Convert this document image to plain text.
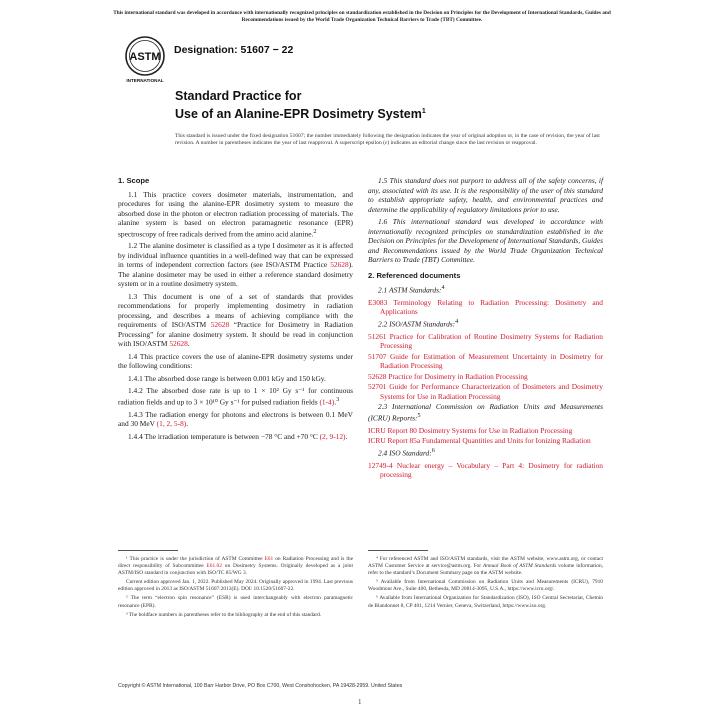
This international standard was developed in accordance with internationally recognized principles on standardization established in the Decision on Principles for the Development of International Standards, Guides and Recommendations issued by the World Trade Organization Technical Barriers to Trade (TBT) Committee.
ASTM
INTERNATIONAL
Designation: 51607 − 22
Standard Practice for
Use of an Alanine-EPR Dosimetry System$^1$
This standard is issued under the fixed designation 51607; the number immediately following the designation indicates the year of original adoption or, in the case of revision, the year of last revision. A number in parentheses indicates the year of last reapproval. A superscript epsilon (ε) indicates an editorial change since the last revision or reapproval.
1. Scope

1.1 This practice covers dosimeter materials, instrumentation, and procedures for using the alanine-EPR dosimetry system to measure the absorbed dose in the photon or electron radiation processing of materials. The alanine system is based on electron paramagnetic resonance (EPR) spectroscopy of free radicals derived from the amino acid alanine.$^2$

1.2 The alanine dosimeter is classified as a type I dosimeter as it is affected by individual influence quantities in a well-defined way that can be expressed in terms of independent correction factors (see ISO/ASTM Practice 52628). The alanine dosimeter may be used in either a reference standard dosimetry system or in a routine dosimetry system.

1.3 This document is one of a set of standards that provides recommendations for properly implementing dosimetry in radiation processing, and describes a means of achieving compliance with the requirements of ISO/ASTM 52628 “Practice for Dosimetry in Radiation Processing” for alanine dosimetry system. It should be read in conjunction with ISO/ASTM 52628.

1.4 This practice covers the use of alanine-EPR dosimetry systems under the following conditions:

1.4.1 The absorbed dose range is between 0.001 kGy and 150 kGy.

1.4.2 The absorbed dose rate is up to 1 × 10² Gy s⁻¹ for continuous radiation fields and up to 3 × 10¹⁰ Gy s⁻¹ for pulsed radiation fields (1-4).$^3$

1.4.3 The radiation energy for photons and electrons is between 0.1 MeV and 30 MeV (1, 2, 5-8).

1.4.4 The irradiation temperature is between −78 °C and +70 °C (2, 9-12).

1.5 This standard does not purport to address all of the safety concerns, if any, associated with its use. It is the responsibility of the user of this standard to establish appropriate safety, health, and environmental practices and determine the applicability of regulatory limitations prior to use.

1.6 This international standard was developed in accordance with internationally recognized principles on standardization established in the Decision on Principles for the Development of International Standards, Guides and Recommendations issued by the World Trade Organization Technical Barriers to Trade (TBT) Committee.

2. Referenced documents

2.1 ASTM Standards:$^4$

E3083 Terminology Relating to Radiation Processing: Dosimetry and Applications

2.2 ISO/ASTM Standards:$^4$

51261 Practice for Calibration of Routine Dosimetry Systems for Radiation Processing

51707 Guide for Estimation of Measurement Uncertainty in Dosimetry for Radiation Processing

52628 Practice for Dosimetry in Radiation Processing

52701 Guide for Performance Characterization of Dosimeters and Dosimetry Systems for Use in Radiation Processing

2.3 International Commission on Radiation Units and Measurements (ICRU) Reports:$^5$

ICRU Report 80 Dosimetry Systems for Use in Radiation Processing

ICRU Report 85a Fundamental Quantities and Units for Ionizing Radiation

2.4 ISO Standard:$^6$

12749-4 Nuclear energy – Vocabulary – Part 4: Dosimetry for radiation processing

¹ This practice is under the jurisdiction of ASTM Committee E61 on Radiation Processing and is the direct responsibility of Subcommittee E61.02 on Dosimetry Systems. Originally developed as a joint ASTM/ISO standard in conjunction with ISO/TC 85/WG 3.

Current edition approved Jan. 1, 2022. Published May 2024. Originally approved in 1994. Last previous edition approved in 2013 as ISO/ASTM 51607:2013(E). DOI: 10.1520/51607-22.

² The term “electron spin resonance” (ESR) is used interchangeably with electron paramagnetic resonance (EPR).

³ The boldface numbers in parentheses refer to the bibliography at the end of this standard.

⁴ For referenced ASTM and ISO/ASTM standards, visit the ASTM website, www.astm.org, or contact ASTM Customer Service at service@astm.org. For Annual Book of ASTM Standards volume information, refer to the standard’s Document Summary page on the ASTM website.

⁵ Available from International Commission on Radiation Units and Measurements (ICRU), 7910 Woodmont Ave., Suite 400, Bethesda, MD 20814-3095, U.S.A., https://www.icru.org/.

⁶ Available from International Organization for Standardization (ISO), ISO Central Secretariat, Chemin de Blandonnet 8, CP 401, 1214 Vernier, Geneva, Switzerland, https://www.iso.org.

Copyright © ASTM International, 100 Barr Harbor Drive, PO Box C700, West Conshohocken, PA 19428-2959. United States
1
